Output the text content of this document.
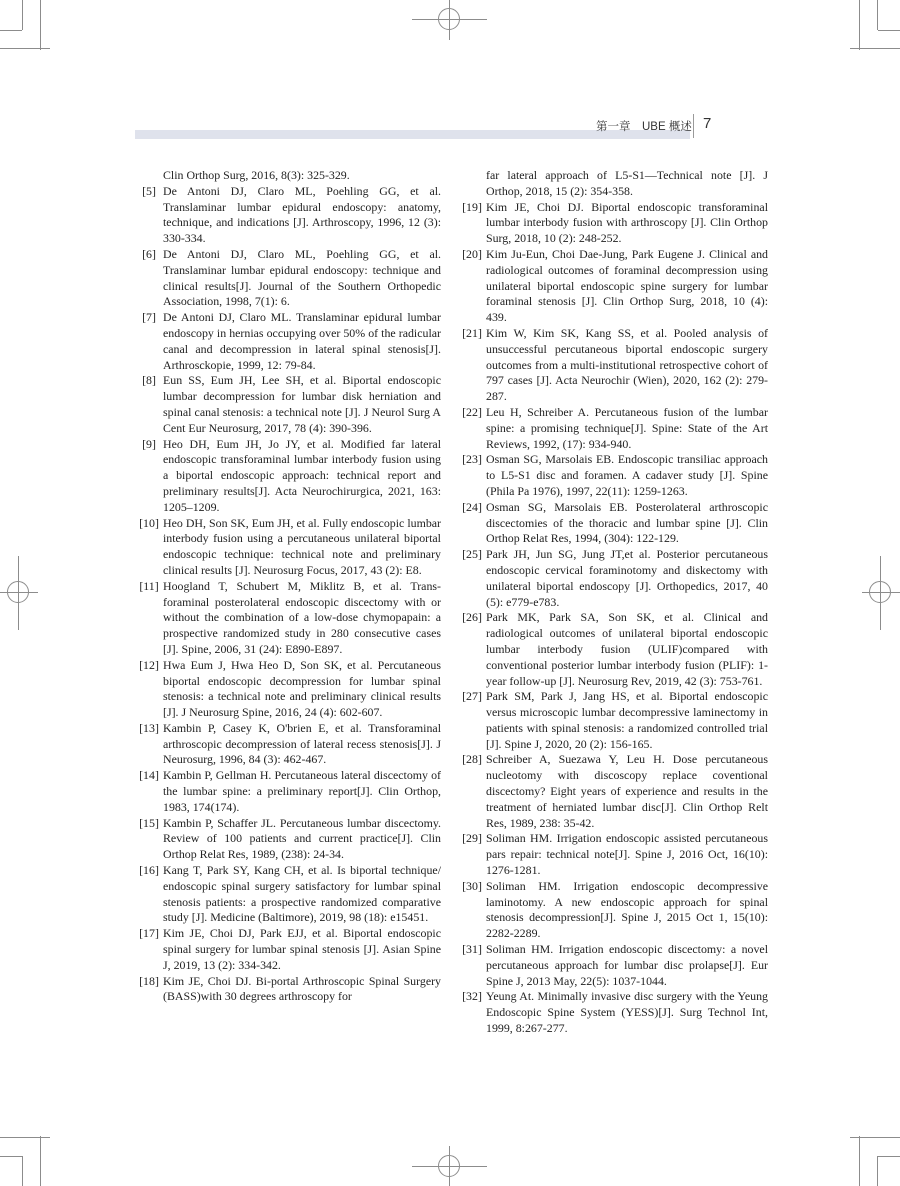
第一章　UBE 概述 7
Clin Orthop Surg, 2016, 8(3): 325-329.
[5] De Antoni DJ, Claro ML, Poehling GG, et al. Translaminar lumbar epidural endoscopy: anatomy, technique, and indications [J]. Arthroscopy, 1996, 12 (3): 330-334.
[6] De Antoni DJ, Claro ML, Poehling GG, et al. Translaminar lumbar epidural endoscopy: technique and clinical results[J]. Journal of the Southern Orthopedic Association, 1998, 7(1): 6.
[7] De Antoni DJ, Claro ML. Translaminar epidural lumbar endoscopy in hernias occupying over 50% of the radicular canal and decompression in lateral spinal stenosis[J]. Arthrosckopie, 1999, 12: 79-84.
[8] Eun SS, Eum JH, Lee SH, et al. Biportal endoscopic lumbar decompression for lumbar disk herniation and spinal canal stenosis: a technical note [J]. J Neurol Surg A Cent Eur Neurosurg, 2017, 78 (4): 390-396.
[9] Heo DH, Eum JH, Jo JY, et al. Modified far lateral endoscopic transforaminal lumbar interbody fusion using a biportal endoscopic approach: technical report and preliminary results[J]. Acta Neurochirurgica, 2021, 163: 1205–1209.
[10] Heo DH, Son SK, Eum JH, et al. Fully endoscopic lumbar interbody fusion using a percutaneous unilateral biportal endoscopic technique: technical note and preliminary clinical results [J]. Neurosurg Focus, 2017, 43 (2): E8.
[11] Hoogland T, Schubert M, Miklitz B, et al. Trans-foraminal posterolateral endoscopic discectomy with or without the combination of a low-dose chymopapain: a prospective randomized study in 280 consecutive cases [J]. Spine, 2006, 31 (24): E890-E897.
[12] Hwa Eum J, Hwa Heo D, Son SK, et al. Percutaneous biportal endoscopic decompression for lumbar spinal stenosis: a technical note and preliminary clinical results [J]. J Neurosurg Spine, 2016, 24 (4): 602-607.
[13] Kambin P, Casey K, O'brien E, et al. Transforaminal arthroscopic decompression of lateral recess stenosis[J]. J Neurosurg, 1996, 84 (3): 462-467.
[14] Kambin P, Gellman H. Percutaneous lateral discectomy of the lumbar spine: a preliminary report[J]. Clin Orthop, 1983, 174(174).
[15] Kambin P, Schaffer JL. Percutaneous lumbar discectomy. Review of 100 patients and current practice[J]. Clin Orthop Relat Res, 1989, (238): 24-34.
[16] Kang T, Park SY, Kang CH, et al. Is biportal technique/ endoscopic spinal surgery satisfactory for lumbar spinal stenosis patients: a prospective randomized comparative study [J]. Medicine (Baltimore), 2019, 98 (18): e15451.
[17] Kim JE, Choi DJ, Park EJJ, et al. Biportal endoscopic spinal surgery for lumbar spinal stenosis [J]. Asian Spine J, 2019, 13 (2): 334-342.
[18] Kim JE, Choi DJ. Bi-portal Arthroscopic Spinal Surgery (BASS)with 30 degrees arthroscopy for
far lateral approach of L5-S1—Technical note [J]. J Orthop, 2018, 15 (2): 354-358.
[19] Kim JE, Choi DJ. Biportal endoscopic transforaminal lumbar interbody fusion with arthroscopy [J]. Clin Orthop Surg, 2018, 10 (2): 248-252.
[20] Kim Ju-Eun, Choi Dae-Jung, Park Eugene J. Clinical and radiological outcomes of foraminal decompression using unilateral biportal endoscopic spine surgery for lumbar foraminal stenosis [J]. Clin Orthop Surg, 2018, 10 (4): 439.
[21] Kim W, Kim SK, Kang SS, et al. Pooled analysis of unsuccessful percutaneous biportal endoscopic surgery outcomes from a multi-institutional retrospective cohort of 797 cases [J]. Acta Neurochir (Wien), 2020, 162 (2): 279-287.
[22] Leu H, Schreiber A. Percutaneous fusion of the lumbar spine: a promising technique[J]. Spine: State of the Art Reviews, 1992, (17): 934-940.
[23] Osman SG, Marsolais EB. Endoscopic transiliac approach to L5-S1 disc and foramen. A cadaver study [J]. Spine (Phila Pa 1976), 1997, 22(11): 1259-1263.
[24] Osman SG, Marsolais EB. Posterolateral arthroscopic discectomies of the thoracic and lumbar spine [J]. Clin Orthop Relat Res, 1994, (304): 122-129.
[25] Park JH, Jun SG, Jung JT,et al. Posterior percutaneous endoscopic cervical foraminotomy and diskectomy with unilateral biportal endoscopy [J]. Orthopedics, 2017, 40 (5): e779-e783.
[26] Park MK, Park SA, Son SK, et al. Clinical and radiological outcomes of unilateral biportal endoscopic lumbar interbody fusion (ULIF)compared with conventional posterior lumbar interbody fusion (PLIF): 1-year follow-up [J]. Neurosurg Rev, 2019, 42 (3): 753-761.
[27] Park SM, Park J, Jang HS, et al. Biportal endoscopic versus microscopic lumbar decompressive laminectomy in patients with spinal stenosis: a randomized controlled trial [J]. Spine J, 2020, 20 (2): 156-165.
[28] Schreiber A, Suezawa Y, Leu H. Dose percutaneous nucleotomy with discoscopy replace coventional discectomy? Eight years of experience and results in the treatment of herniated lumbar disc[J]. Clin Orthop Relt Res, 1989, 238: 35-42.
[29] Soliman HM. Irrigation endoscopic assisted percutaneous pars repair: technical note[J]. Spine J, 2016 Oct, 16(10): 1276-1281.
[30] Soliman HM. Irrigation endoscopic decompressive laminotomy. A new endoscopic approach for spinal stenosis decompression[J]. Spine J, 2015 Oct 1, 15(10): 2282-2289.
[31] Soliman HM. Irrigation endoscopic discectomy: a novel percutaneous approach for lumbar disc prolapse[J]. Eur Spine J, 2013 May, 22(5): 1037-1044.
[32] Yeung At. Minimally invasive disc surgery with the Yeung Endoscopic Spine System (YESS)[J]. Surg Technol Int, 1999, 8:267-277.
